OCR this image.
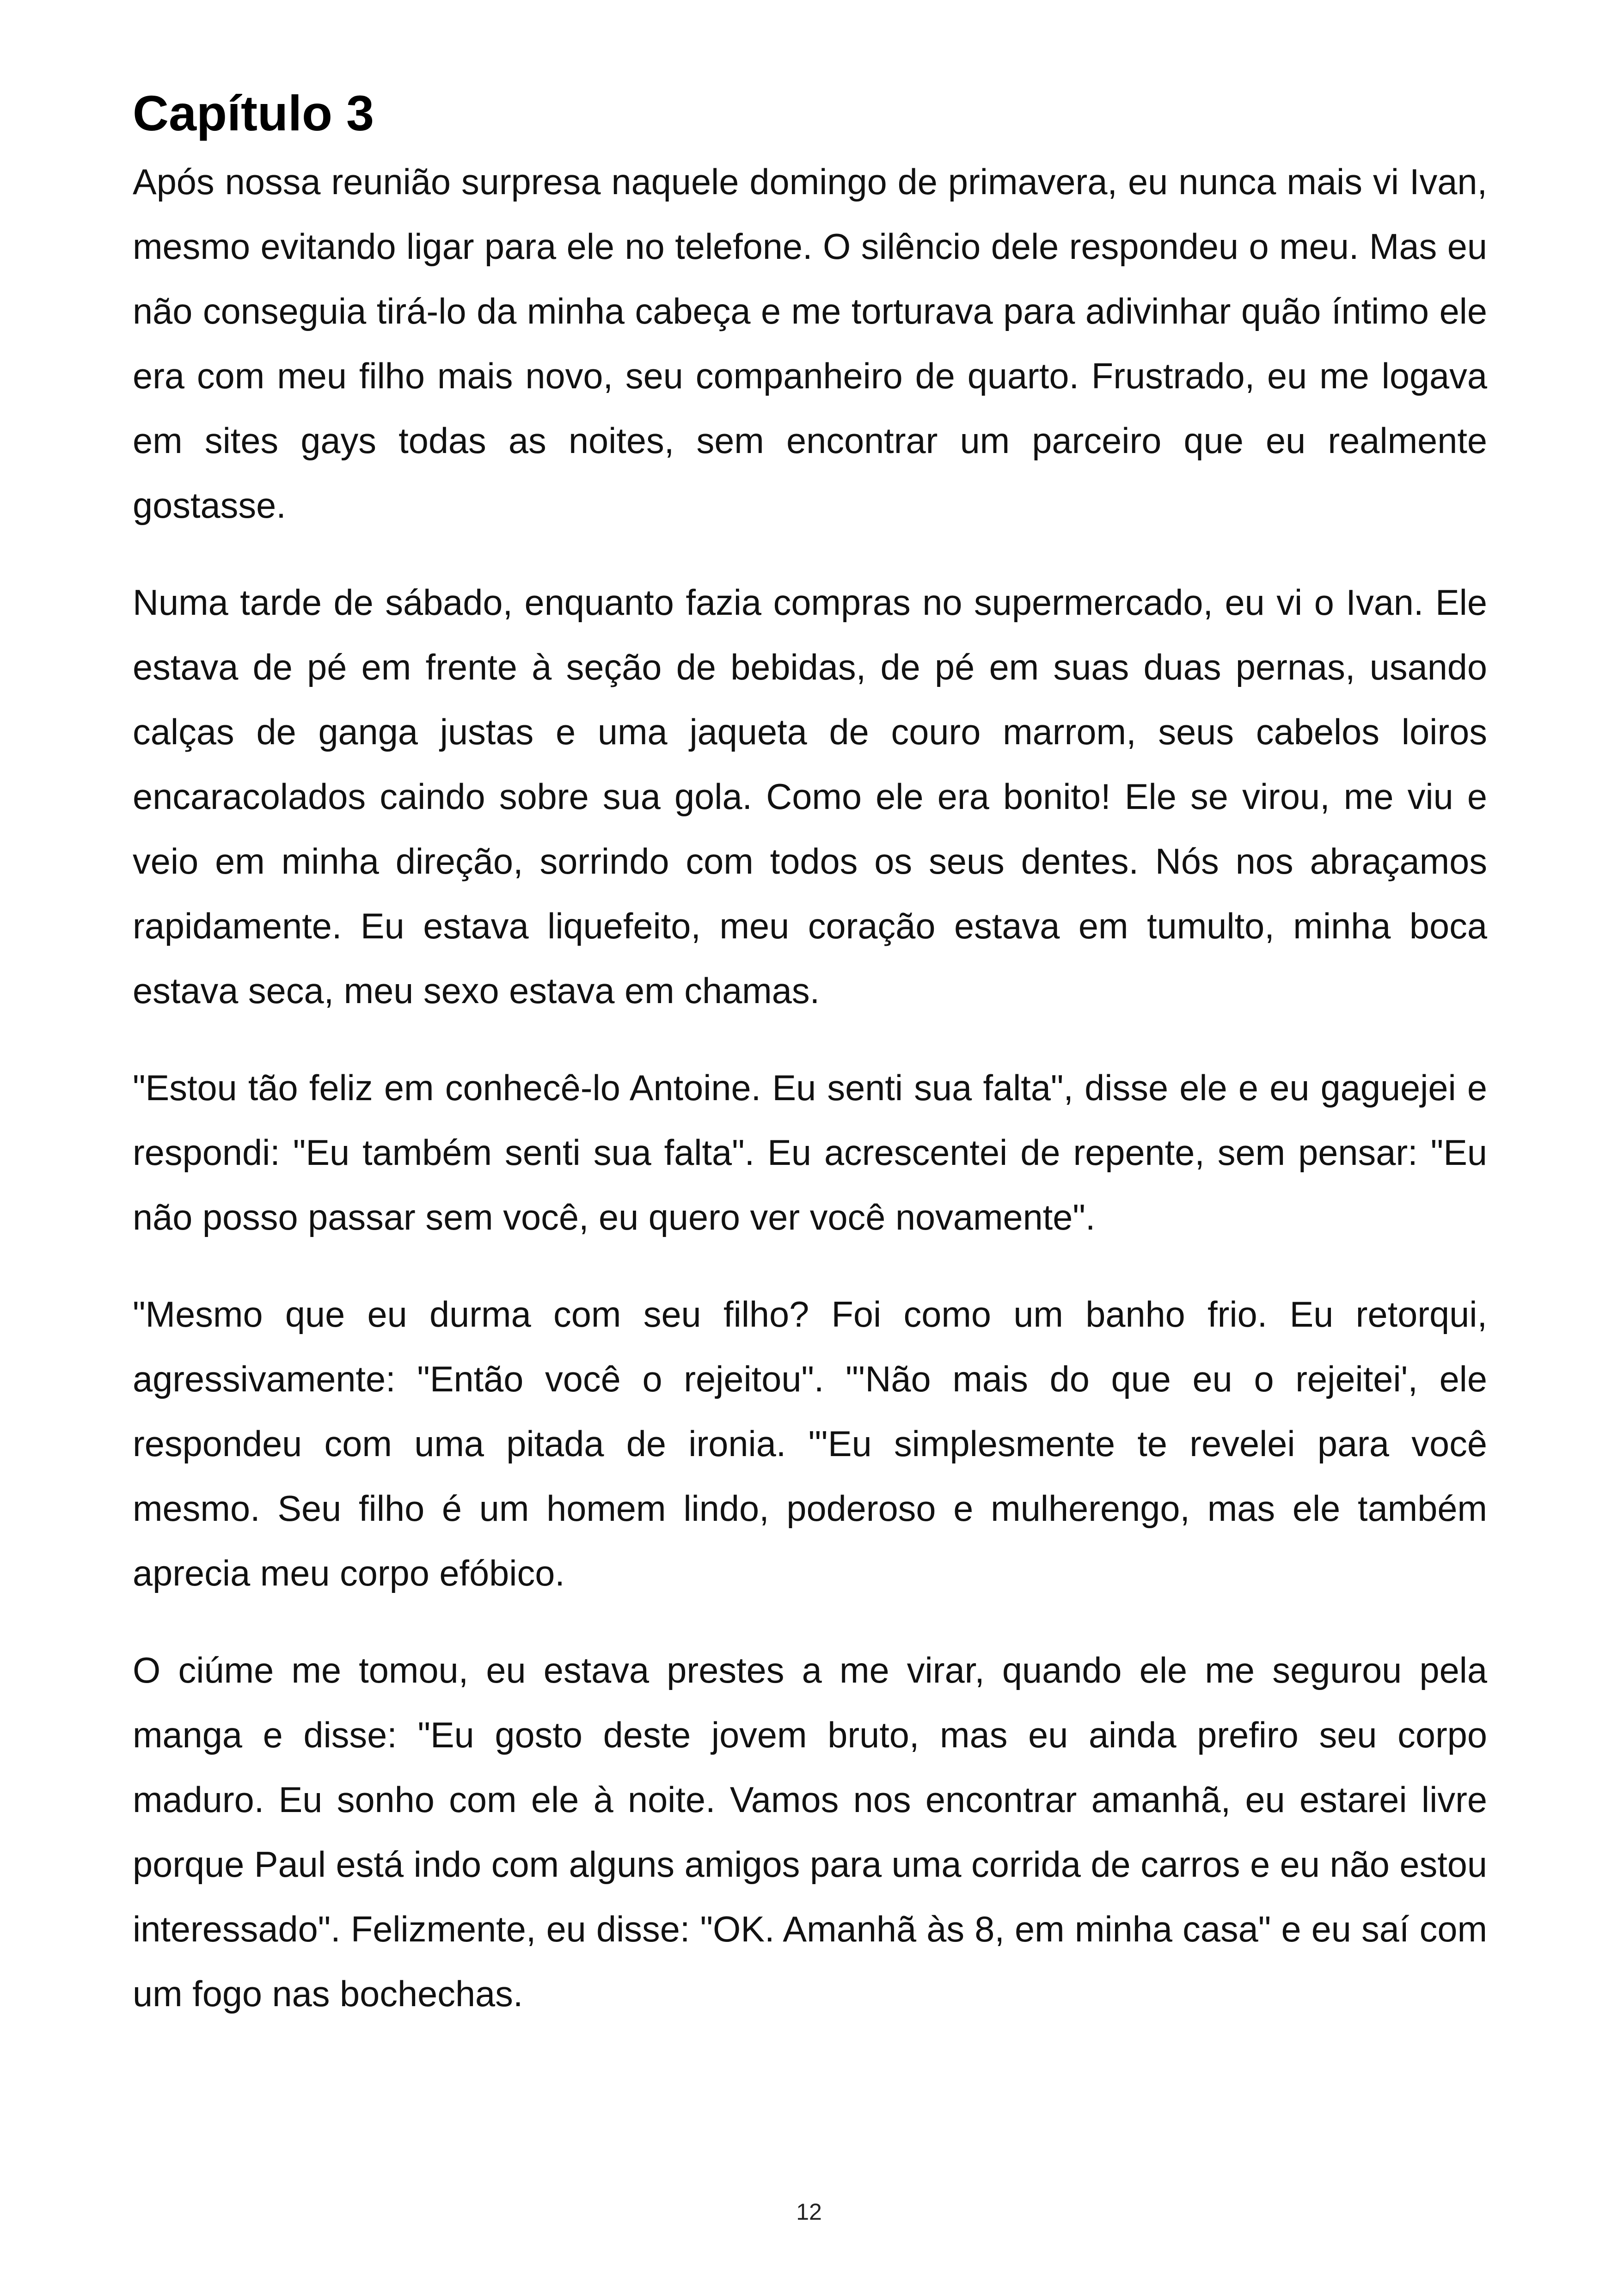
Capítulo 3

Após nossa reunião surpresa naquele domingo de primavera, eu nunca mais vi Ivan, mesmo evitando ligar para ele no telefone. O silêncio dele respondeu o meu. Mas eu não conseguia tirá-lo da minha cabeça e me torturava para adivinhar quão íntimo ele era com meu filho mais novo, seu companheiro de quarto. Frustrado, eu me logava em sites gays todas as noites, sem encontrar um parceiro que eu realmente gostasse.

Numa tarde de sábado, enquanto fazia compras no supermercado, eu vi o Ivan. Ele estava de pé em frente à seção de bebidas, de pé em suas duas pernas, usando calças de ganga justas e uma jaqueta de couro marrom, seus cabelos loiros encaracolados caindo sobre sua gola. Como ele era bonito! Ele se virou, me viu e veio em minha direção, sorrindo com todos os seus dentes. Nós nos abraçamos rapidamente. Eu estava liquefeito, meu coração estava em tumulto, minha boca estava seca, meu sexo estava em chamas.

"Estou tão feliz em conhecê-lo Antoine. Eu senti sua falta", disse ele e eu gaguejei e respondi: "Eu também senti sua falta". Eu acrescentei de repente, sem pensar: "Eu não posso passar sem você, eu quero ver você novamente".

"Mesmo que eu durma com seu filho? Foi como um banho frio. Eu retorqui, agressivamente: "Então você o rejeitou". "'Não mais do que eu o rejeitei', ele respondeu com uma pitada de ironia. "'Eu simplesmente te revelei para você mesmo. Seu filho é um homem lindo, poderoso e mulherengo, mas ele também aprecia meu corpo efóbico.

O ciúme me tomou, eu estava prestes a me virar, quando ele me segurou pela manga e disse: "Eu gosto deste jovem bruto, mas eu ainda prefiro seu corpo maduro. Eu sonho com ele à noite. Vamos nos encontrar amanhã, eu estarei livre porque Paul está indo com alguns amigos para uma corrida de carros e eu não estou interessado". Felizmente, eu disse: "OK. Amanhã às 8, em minha casa" e eu saí com um fogo nas bochechas.

12
